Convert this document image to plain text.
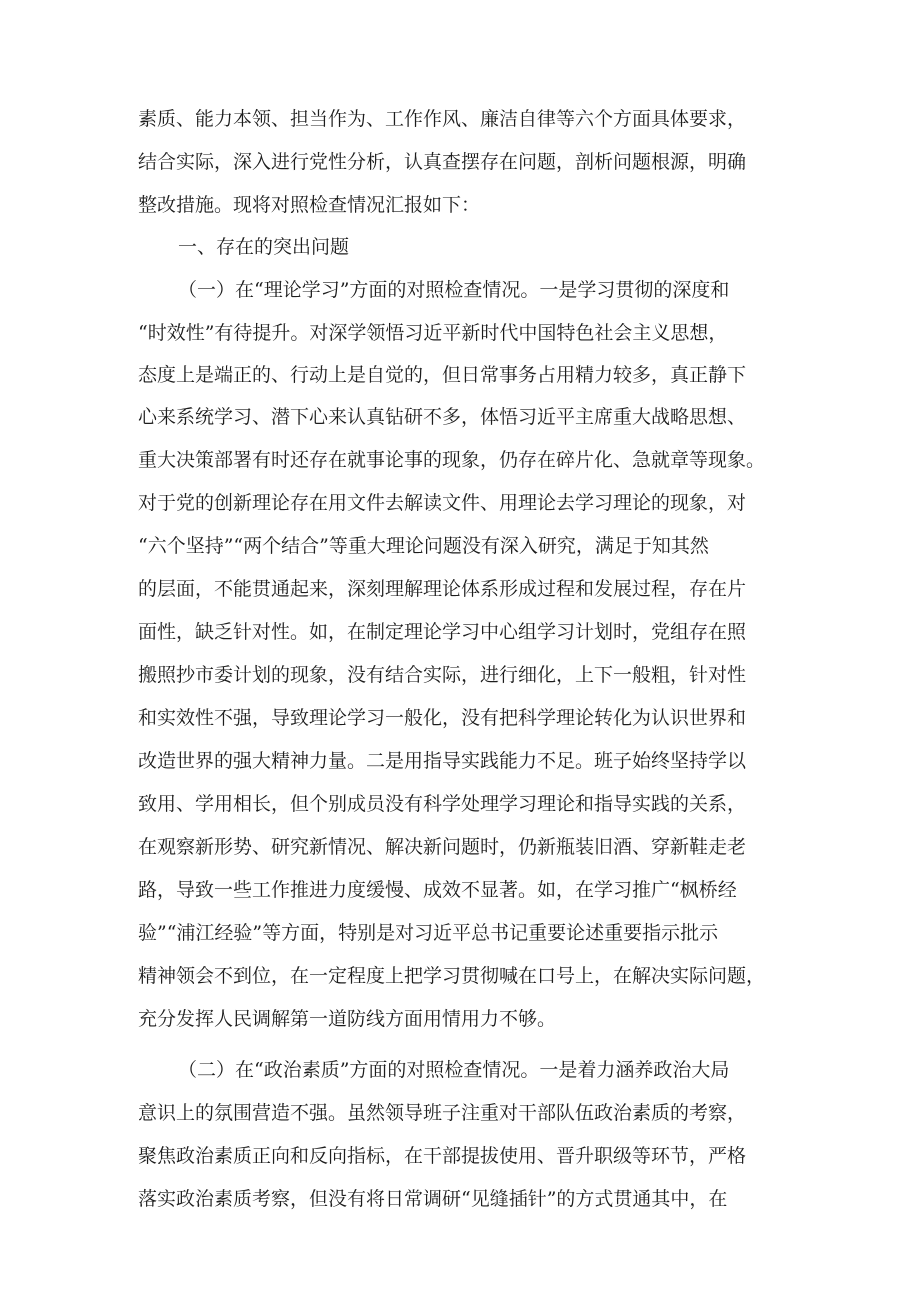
素质、能力本领、担当作为、工作作风、廉洁自律等六个方面具体要求，

结合实际，深入进行党性分析，认真查摆存在问题，剖析问题根源，明确

整改措施。现将对照检查情况汇报如下：

一、存在的突出问题

（一）在“理论学习”方面的对照检查情况。一是学习贯彻的深度和

“时效性”有待提升。对深学领悟习近平新时代中国特色社会主义思想，

态度上是端正的、行动上是自觉的，但日常事务占用精力较多，真正静下

心来系统学习、潜下心来认真钻研不多，体悟习近平主席重大战略思想、

重大决策部署有时还存在就事论事的现象，仍存在碎片化、急就章等现象。

对于党的创新理论存在用文件去解读文件、用理论去学习理论的现象，对

“六个坚持”“两个结合”等重大理论问题没有深入研究，满足于知其然

的层面，不能贯通起来，深刻理解理论体系形成过程和发展过程，存在片

面性，缺乏针对性。如，在制定理论学习中心组学习计划时，党组存在照

搬照抄市委计划的现象，没有结合实际，进行细化，上下一般粗，针对性

和实效性不强，导致理论学习一般化，没有把科学理论转化为认识世界和

改造世界的强大精神力量。二是用指导实践能力不足。班子始终坚持学以

致用、学用相长，但个别成员没有科学处理学习理论和指导实践的关系，

在观察新形势、研究新情况、解决新问题时，仍新瓶装旧酒、穿新鞋走老

路，导致一些工作推进力度缓慢、成效不显著。如，在学习推广“枫桥经

验”“浦江经验”等方面，特别是对习近平总书记重要论述重要指示批示

精神领会不到位，在一定程度上把学习贯彻喊在口号上，在解决实际问题，

充分发挥人民调解第一道防线方面用情用力不够。

（二）在“政治素质”方面的对照检查情况。一是着力涵养政治大局

意识上的氛围营造不强。虽然领导班子注重对干部队伍政治素质的考察，

聚焦政治素质正向和反向指标，在干部提拔使用、晋升职级等环节，严格

落实政治素质考察，但没有将日常调研“见缝插针”的方式贯通其中，在
